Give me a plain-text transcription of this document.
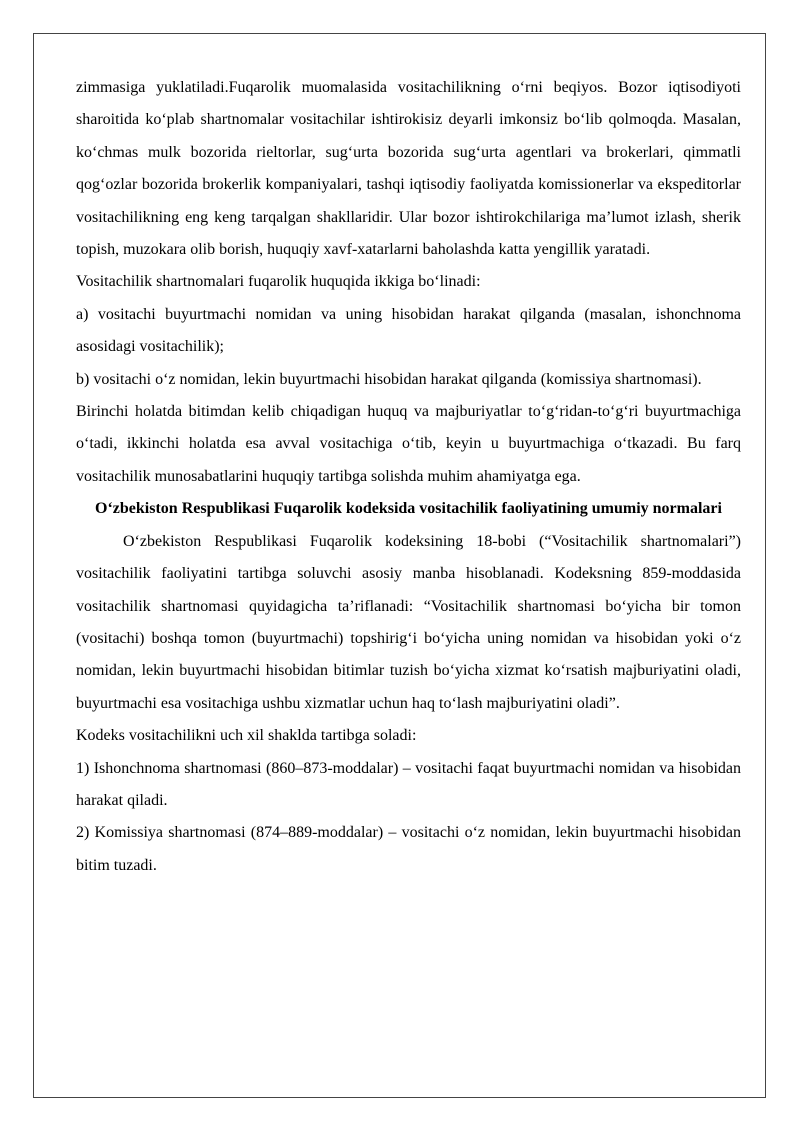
zimmasiga yuklatiladi.Fuqarolik muomalasida vositachilikning o‘rni beqiyos. Bozor iqtisodiyoti sharoitida ko‘plab shartnomalar vositachilar ishtirokisiz deyarli imkonsiz bo‘lib qolmoqda. Masalan, ko‘chmas mulk bozorida rieltorlar, sug‘urta bozorida sug‘urta agentlari va brokerlari, qimmatli qog‘ozlar bozorida brokerlik kompaniyalari, tashqi iqtisodiy faoliyatda komissionerlar va ekspeditorlar vositachilikning eng keng tarqalgan shakllaridir. Ular bozor ishtirokchilariga ma’lumot izlash, sherik topish, muzokara olib borish, huquqiy xavf-xatarlarni baholashda katta yengillik yaratadi.

Vositachilik shartnomalari fuqarolik huquqida ikkiga bo‘linadi:

a) vositachi buyurtmachi nomidan va uning hisobidan harakat qilganda (masalan, ishonchnoma asosidagi vositachilik);

b) vositachi o‘z nomidan, lekin buyurtmachi hisobidan harakat qilganda (komissiya shartnomasi).

Birinchi holatda bitimdan kelib chiqadigan huquq va majburiyatlar to‘g‘ridan-to‘g‘ri buyurtmachiga o‘tadi, ikkinchi holatda esa avval vositachiga o‘tib, keyin u buyurtmachiga o‘tkazadi. Bu farq vositachilik munosabatlarini huquqiy tartibga solishda muhim ahamiyatga ega.

O‘zbekiston Respublikasi Fuqarolik kodeksida vositachilik faoliyatining umumiy normalari

O‘zbekiston Respublikasi Fuqarolik kodeksining 18-bobi (“Vositachilik shartnomalari”) vositachilik faoliyatini tartibga soluvchi asosiy manba hisoblanadi. Kodeksning 859-moddasida vositachilik shartnomasi quyidagicha ta’riflanadi: “Vositachilik shartnomasi bo‘yicha bir tomon (vositachi) boshqa tomon (buyurtmachi) topshirig‘i bo‘yicha uning nomidan va hisobidan yoki o‘z nomidan, lekin buyurtmachi hisobidan bitimlar tuzish bo‘yicha xizmat ko‘rsatish majburiyatini oladi, buyurtmachi esa vositachiga ushbu xizmatlar uchun haq to‘lash majburiyatini oladi”.

Kodeks vositachilikni uch xil shaklda tartibga soladi:

1) Ishonchnoma shartnomasi (860–873-moddalar) – vositachi faqat buyurtmachi nomidan va hisobidan harakat qiladi.

2) Komissiya shartnomasi (874–889-moddalar) – vositachi o‘z nomidan, lekin buyurtmachi hisobidan bitim tuzadi.
